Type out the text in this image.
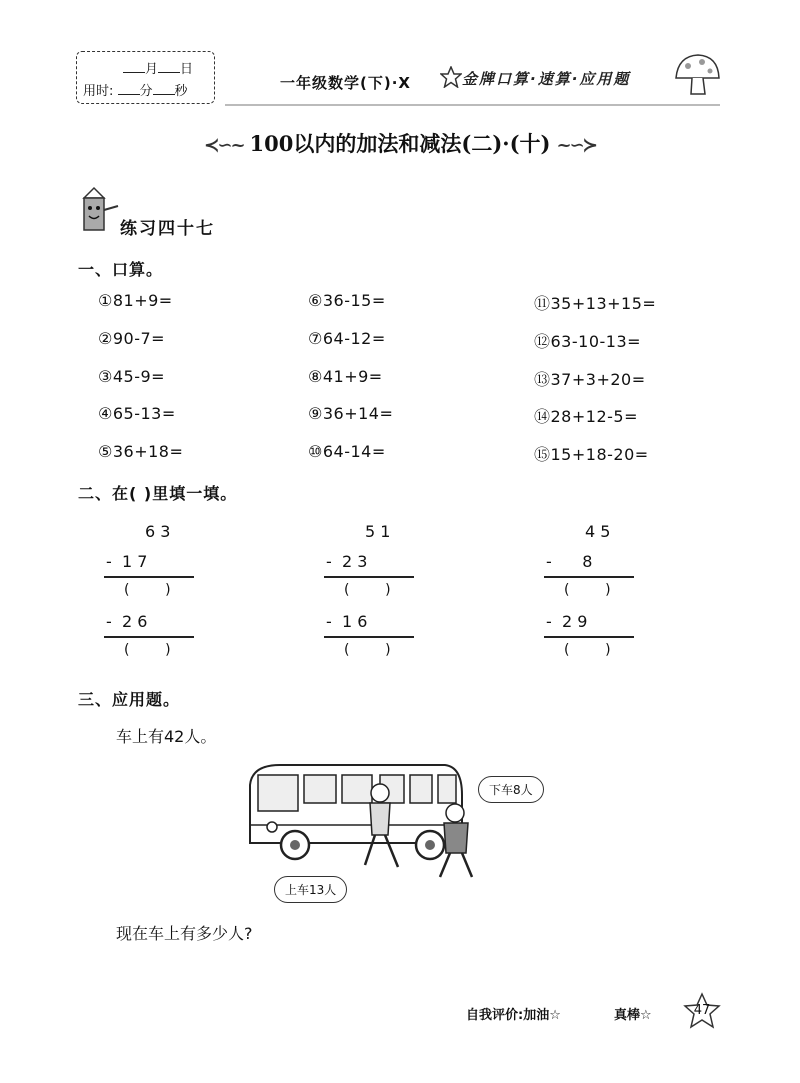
月 日
用时: 分 秒	一年级数学(下)·X	金牌口算·速算·应用题
≺∽~ 100以内的加法和减法(二)·(十) ~∽≻
练习四十七
一、口算。
①81+9=	⑥36-15=	⑪35+13+15=
②90-7=	⑦64-12=	⑫63-10-13=
③45-9=	⑧41+9=	⑬37+3+20=
④65-13=	⑨36+14=	⑭28+12-5=
⑤36+18=	⑩64-14=	⑮15+18-20=
二、在( )里填一填。
6 3
-  1 7
(        )
-  2 6
(        )
5 1
-  2 3
(        )
-  1 6
(        )
4 5
-      8
(        )
-  2 9
(        )
三、应用题。
车上有42人。
下车8人
上车13人
现在车上有多少人?
自我评价:加油☆	真棒☆	47
